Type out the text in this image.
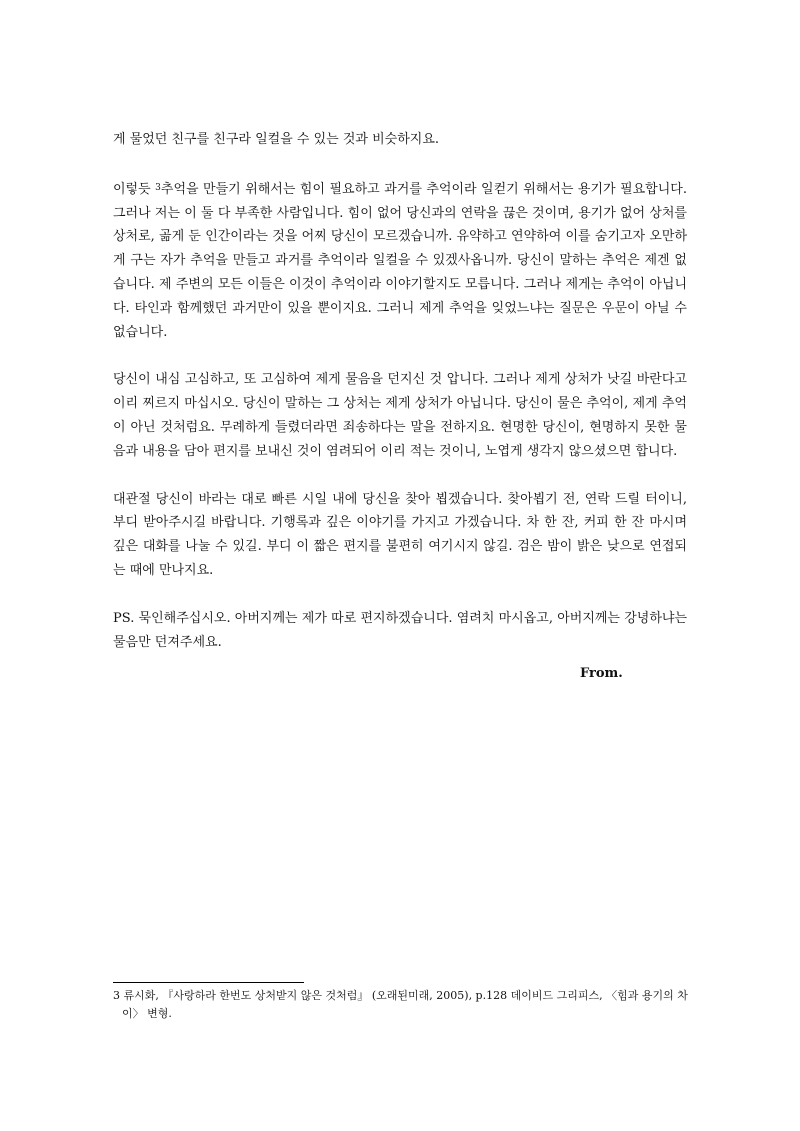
게 물었던 친구를 친구라 일컬을 수 있는 것과 비슷하지요.

이렇듯 $^3$추억을 만들기 위해서는 힘이 필요하고 과거를 추억이라 일컫기 위해서는 용기가 필요합니다. 그러나 저는 이 둘 다 부족한 사람입니다. 힘이 없어 당신과의 연락을 끊은 것이며, 용기가 없어 상처를 상처로, 곪게 둔 인간이라는 것을 어찌 당신이 모르겠습니까. 유약하고 연약하여 이를 숨기고자 오만하게 구는 자가 추억을 만들고 과거를 추억이라 일컬을 수 있겠사옵니까. 당신이 말하는 추억은 제겐 없습니다. 제 주변의 모든 이들은 이것이 추억이라 이야기할지도 모릅니다. 그러나 제게는 추억이 아닙니다. 타인과 함께했던 과거만이 있을 뿐이지요. 그러니 제게 추억을 잊었느냐는 질문은 우문이 아닐 수 없습니다.

당신이 내심 고심하고, 또 고심하여 제게 물음을 던지신 것 압니다. 그러나 제게 상처가 낫길 바란다고 이리 찌르지 마십시오. 당신이 말하는 그 상처는 제게 상처가 아닙니다. 당신이 물은 추억이, 제게 추억이 아닌 것처럼요. 무례하게 들렸더라면 죄송하다는 말을 전하지요. 현명한 당신이, 현명하지 못한 물음과 내용을 담아 편지를 보내신 것이 염려되어 이리 적는 것이니, 노엽게 생각지 않으셨으면 합니다.

대관절 당신이 바라는 대로 빠른 시일 내에 당신을 찾아 뵙겠습니다. 찾아뵙기 전, 연락 드릴 터이니, 부디 받아주시길 바랍니다. 기행록과 깊은 이야기를 가지고 가겠습니다. 차 한 잔, 커피 한 잔 마시며 깊은 대화를 나눌 수 있길. 부디 이 짧은 편지를 불편히 여기시지 않길. 검은 밤이 밝은 낮으로 연접되는 때에 만나지요.

PS. 묵인해주십시오. 아버지께는 제가 따로 편지하겠습니다. 염려치 마시옵고, 아버지께는 강녕하냐는 물음만 던져주세요.

From.
3 류시화, 『사랑하라 한번도 상처받지 않은 것처럼』 (오래된미래, 2005), p.128 데이비드 그리피스, 〈힘과 용기의 차이〉 변형.
